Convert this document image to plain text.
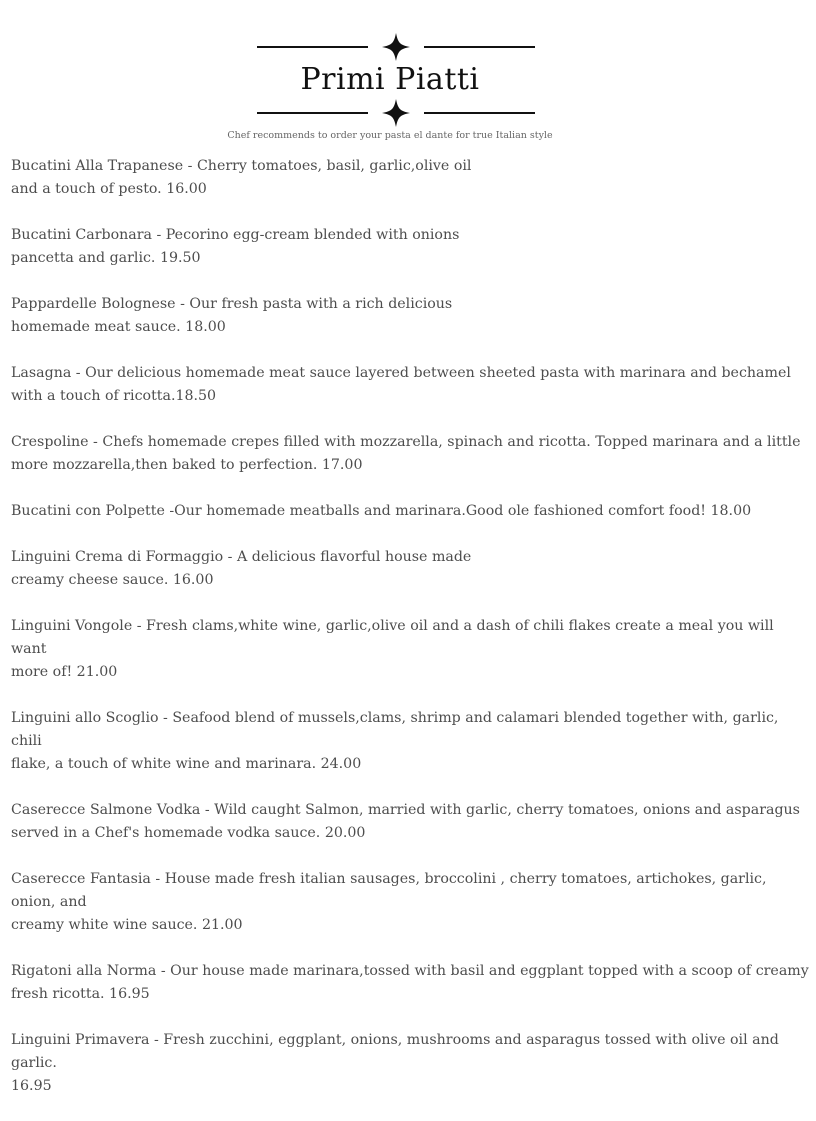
Primi Piatti
Chef recommends to order your pasta el dante for true Italian style
Bucatini Alla Trapanese - Cherry tomatoes, basil, garlic,olive oil
and a touch of pesto. 16.00
Bucatini Carbonara - Pecorino egg-cream blended with onions
pancetta and garlic. 19.50
Pappardelle Bolognese - Our fresh pasta with a rich delicious
homemade meat sauce. 18.00
Lasagna - Our delicious homemade meat sauce layered between sheeted pasta with marinara and bechamel
with a touch of ricotta.18.50
Crespoline - Chefs homemade crepes filled with mozzarella, spinach and ricotta. Topped marinara and a little
more mozzarella,then baked to perfection. 17.00
Bucatini con Polpette -Our homemade meatballs and marinara.Good ole fashioned comfort food! 18.00
Linguini Crema di Formaggio - A delicious flavorful house made
creamy cheese sauce. 16.00
Linguini Vongole - Fresh clams,white wine, garlic,olive oil and a dash of chili flakes create a meal you will want
more of! 21.00
Linguini allo Scoglio - Seafood blend of mussels,clams, shrimp and calamari blended together with, garlic, chili
flake, a touch of white wine and marinara. 24.00
Caserecce Salmone Vodka - Wild caught Salmon, married with garlic, cherry tomatoes, onions and asparagus
served in a Chef's homemade vodka sauce. 20.00
Caserecce Fantasia - House made fresh italian sausages, broccolini , cherry tomatoes, artichokes, garlic, onion, and
creamy white wine sauce. 21.00
Rigatoni alla Norma - Our house made marinara,tossed with basil and eggplant topped with a scoop of creamy
fresh ricotta. 16.95
Linguini Primavera - Fresh zucchini, eggplant, onions, mushrooms and asparagus tossed with olive oil and garlic.
16.95
